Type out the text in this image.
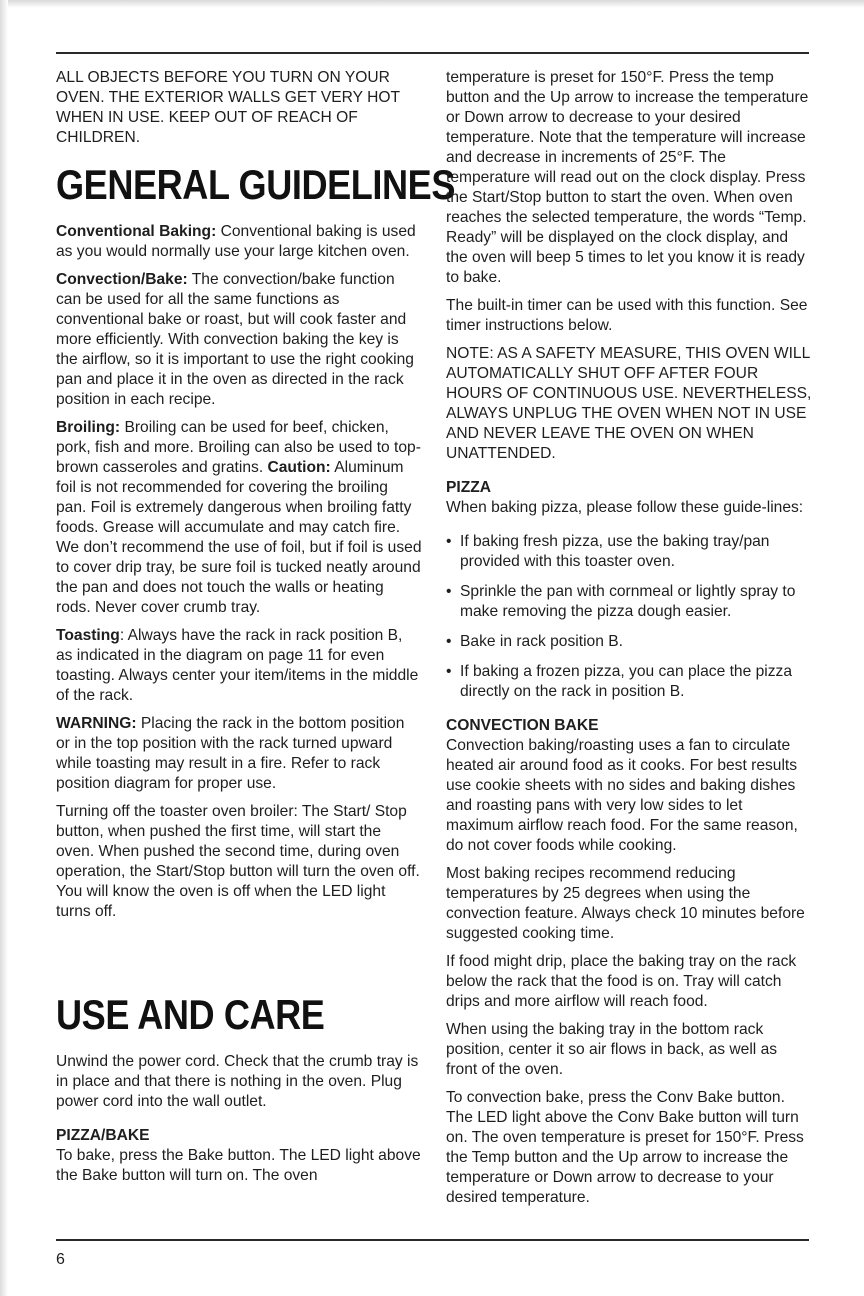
ALL OBJECTS BEFORE YOU TURN ON YOUR OVEN. THE EXTERIOR WALLS GET VERY HOT WHEN IN USE. KEEP OUT OF REACH OF CHILDREN.

GENERAL GUIDELINES

Conventional Baking: Conventional baking is used as you would normally use your large kitchen oven.

Convection/Bake: The convection/bake function can be used for all the same functions as conventional bake or roast, but will cook faster and more efficiently. With convection baking the key is the airflow, so it is important to use the right cooking pan and place it in the oven as directed in the rack position in each recipe.

Broiling: Broiling can be used for beef, chicken, pork, fish and more. Broiling can also be used to top-brown casseroles and gratins. Caution: Aluminum foil is not recommended for covering the broiling pan. Foil is extremely dangerous when broiling fatty foods. Grease will accumulate and may catch fire. We don’t recommend the use of foil, but if foil is used to cover drip tray, be sure foil is tucked neatly around the pan and does not touch the walls or heating rods. Never cover crumb tray.

Toasting: Always have the rack in rack position B, as indicated in the diagram on page 11 for even toasting. Always center your item/items in the middle of the rack.

WARNING: Placing the rack in the bottom position or in the top position with the rack turned upward while toasting may result in a fire. Refer to rack position diagram for proper use.

Turning off the toaster oven broiler: The Start/ Stop button, when pushed the first time, will start the oven. When pushed the second time, during oven operation, the Start/Stop button will turn the oven off. You will know the oven is off when the LED light turns off.

USE AND CARE

Unwind the power cord. Check that the crumb tray is in place and that there is nothing in the oven. Plug power cord into the wall outlet.

PIZZA/BAKE

To bake, press the Bake button. The LED light above the Bake button will turn on. The oven

temperature is preset for 150°F. Press the temp button and the Up arrow to increase the temperature or Down arrow to decrease to your desired temperature. Note that the temperature will increase and decrease in increments of 25°F. The temperature will read out on the clock display. Press the Start/Stop button to start the oven. When oven reaches the selected temperature, the words “Temp. Ready” will be displayed on the clock display, and the oven will beep 5 times to let you know it is ready to bake.

The built-in timer can be used with this function. See timer instructions below.

NOTE: AS A SAFETY MEASURE, THIS OVEN WILL AUTOMATICALLY SHUT OFF AFTER FOUR HOURS OF CONTINUOUS USE. NEVERTHELESS, ALWAYS UNPLUG THE OVEN WHEN NOT IN USE AND NEVER LEAVE THE OVEN ON WHEN UNATTENDED.

PIZZA

When baking pizza, please follow these guide-lines:

• If baking fresh pizza, use the baking tray/pan provided with this toaster oven.
• Sprinkle the pan with cornmeal or lightly spray to make removing the pizza dough easier.
• Bake in rack position B.
• If baking a frozen pizza, you can place the pizza directly on the rack in position B.
CONVECTION BAKE

Convection baking/roasting uses a fan to circulate heated air around food as it cooks. For best results use cookie sheets with no sides and baking dishes and roasting pans with very low sides to let maximum airflow reach food. For the same reason, do not cover foods while cooking.

Most baking recipes recommend reducing temperatures by 25 degrees when using the convection feature. Always check 10 minutes before suggested cooking time.

If food might drip, place the baking tray on the rack below the rack that the food is on. Tray will catch drips and more airflow will reach food.

When using the baking tray in the bottom rack position, center it so air flows in back, as well as front of the oven.

To convection bake, press the Conv Bake button. The LED light above the Conv Bake button will turn on. The oven temperature is preset for 150°F. Press the Temp button and the Up arrow to increase the temperature or Down arrow to decrease to your desired temperature.

6
